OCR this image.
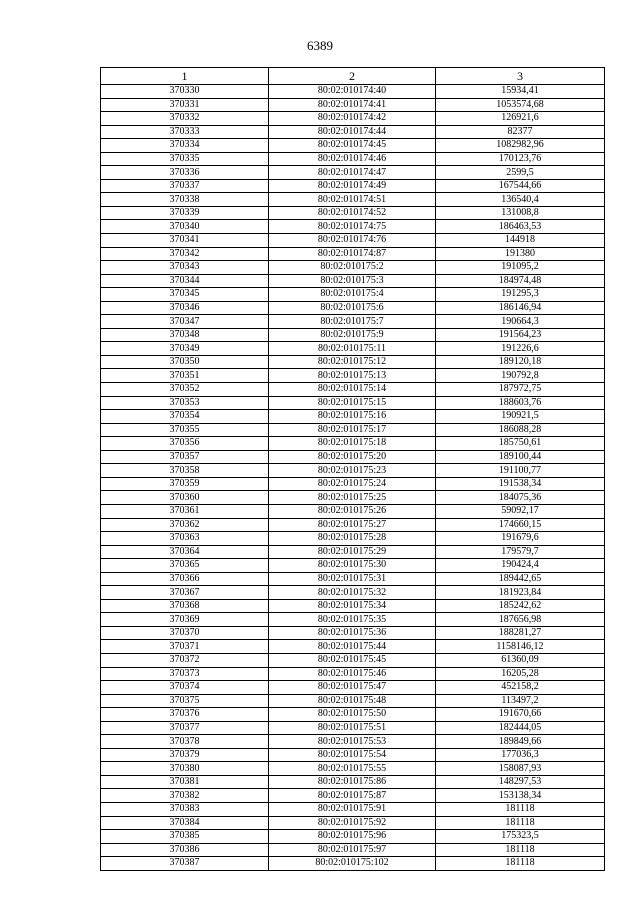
6389
1	2	3
370330	80:02:010174:40	15934,41
370331	80:02:010174:41	1053574,68
370332	80:02:010174:42	126921,6
370333	80:02:010174:44	82377
370334	80:02:010174:45	1082982,96
370335	80:02:010174:46	170123,76
370336	80:02:010174:47	2599,5
370337	80:02:010174:49	167544,66
370338	80:02:010174:51	136540,4
370339	80:02:010174:52	131008,8
370340	80:02:010174:75	186463,53
370341	80:02:010174:76	144918
370342	80:02:010174:87	191380
370343	80:02:010175:2	191095,2
370344	80:02:010175:3	184974,48
370345	80:02:010175:4	191295,3
370346	80:02:010175:6	186146,94
370347	80:02:010175:7	190664,3
370348	80:02:010175:9	191564,23
370349	80:02:010175:11	191226,6
370350	80:02:010175:12	189120,18
370351	80:02:010175:13	190792,8
370352	80:02:010175:14	187972,75
370353	80:02:010175:15	188603,76
370354	80:02:010175:16	190921,5
370355	80:02:010175:17	186088,28
370356	80:02:010175:18	185750,61
370357	80:02:010175:20	189100,44
370358	80:02:010175:23	191100,77
370359	80:02:010175:24	191538,34
370360	80:02:010175:25	184075,36
370361	80:02:010175:26	59092,17
370362	80:02:010175:27	174660,15
370363	80:02:010175:28	191679,6
370364	80:02:010175:29	179579,7
370365	80:02:010175:30	190424,4
370366	80:02:010175:31	189442,65
370367	80:02:010175:32	181923,84
370368	80:02:010175:34	185242,62
370369	80:02:010175:35	187656,98
370370	80:02:010175:36	188281,27
370371	80:02:010175:44	1158146,12
370372	80:02:010175:45	61360,09
370373	80:02:010175:46	16205,28
370374	80:02:010175:47	452158,2
370375	80:02:010175:48	113497,2
370376	80:02:010175:50	191670,66
370377	80:02:010175:51	182444,05
370378	80:02:010175:53	189849,66
370379	80:02:010175:54	177036,3
370380	80:02:010175:55	158087,93
370381	80:02:010175:86	148297,53
370382	80:02:010175:87	153138,34
370383	80:02:010175:91	181118
370384	80:02:010175:92	181118
370385	80:02:010175:96	175323,5
370386	80:02:010175:97	181118
370387	80:02:010175:102	181118
